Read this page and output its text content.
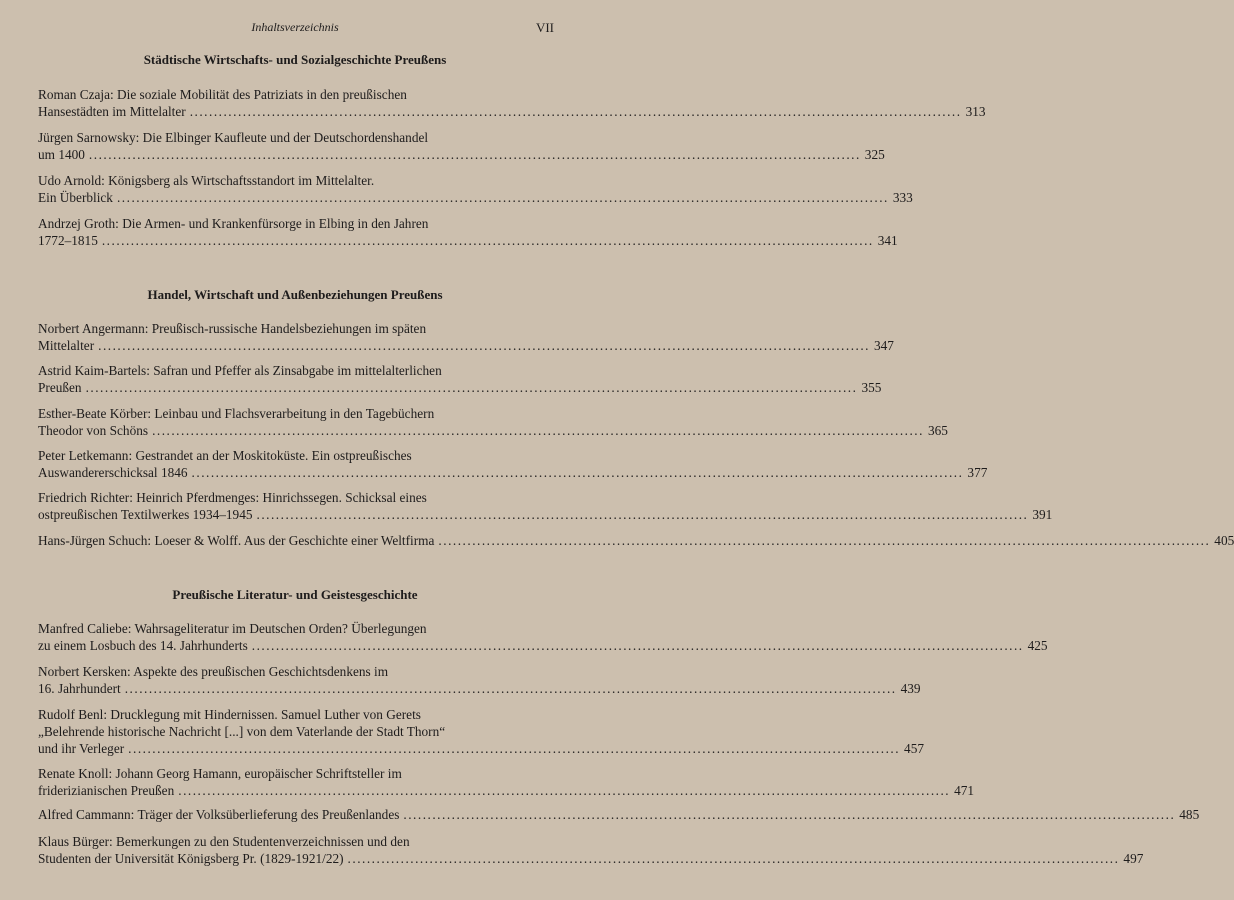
Inhaltsverzeichnis	VII
Städtische Wirtschafts- und Sozialgeschichte Preußens
Roman Czaja: Die soziale Mobilität des Patriziats in den preußischen
Hansestädten im Mittelalter ................................................................................................................................................................ 313
Jürgen Sarnowsky: Die Elbinger Kaufleute und der Deutschordenshandel
um 1400 ................................................................................................................................................................ 325
Udo Arnold: Königsberg als Wirtschaftsstandort im Mittelalter.
Ein Überblick ................................................................................................................................................................ 333
Andrzej Groth: Die Armen- und Krankenfürsorge in Elbing in den Jahren
1772–1815 ................................................................................................................................................................ 341
Handel, Wirtschaft und Außenbeziehungen Preußens
Norbert Angermann: Preußisch-russische Handelsbeziehungen im späten
Mittelalter ................................................................................................................................................................ 347
Astrid Kaim-Bartels: Safran und Pfeffer als Zinsabgabe im mittelalterlichen
Preußen ................................................................................................................................................................ 355
Esther-Beate Körber: Leinbau und Flachsverarbeitung in den Tagebüchern
Theodor von Schöns ................................................................................................................................................................ 365
Peter Letkemann: Gestrandet an der Moskitoküste. Ein ostpreußisches
Auswandererschicksal 1846 ................................................................................................................................................................ 377
Friedrich Richter: Heinrich Pferdmenges: Hinrichssegen. Schicksal eines
ostpreußischen Textilwerkes 1934–1945 ................................................................................................................................................................ 391
Hans-Jürgen Schuch: Loeser & Wolff. Aus der Geschichte einer Weltfirma ................................................................................................................................................................ 405
Preußische Literatur- und Geistesgeschichte
Manfred Caliebe: Wahrsageliteratur im Deutschen Orden? Überlegungen
zu einem Losbuch des 14. Jahrhunderts ................................................................................................................................................................ 425
Norbert Kersken: Aspekte des preußischen Geschichtsdenkens im
16. Jahrhundert ................................................................................................................................................................ 439
Rudolf Benl: Drucklegung mit Hindernissen. Samuel Luther von Gerets
„Belehrende historische Nachricht [...] von dem Vaterlande der Stadt Thorn“
und ihr Verleger ................................................................................................................................................................ 457
Renate Knoll: Johann Georg Hamann, europäischer Schriftsteller im
friderizianischen Preußen ................................................................................................................................................................ 471
Alfred Cammann: Träger der Volksüberlieferung des Preußenlandes ................................................................................................................................................................ 485
Klaus Bürger: Bemerkungen zu den Studentenverzeichnissen und den
Studenten der Universität Königsberg Pr. (1829-1921/22) ................................................................................................................................................................ 497
